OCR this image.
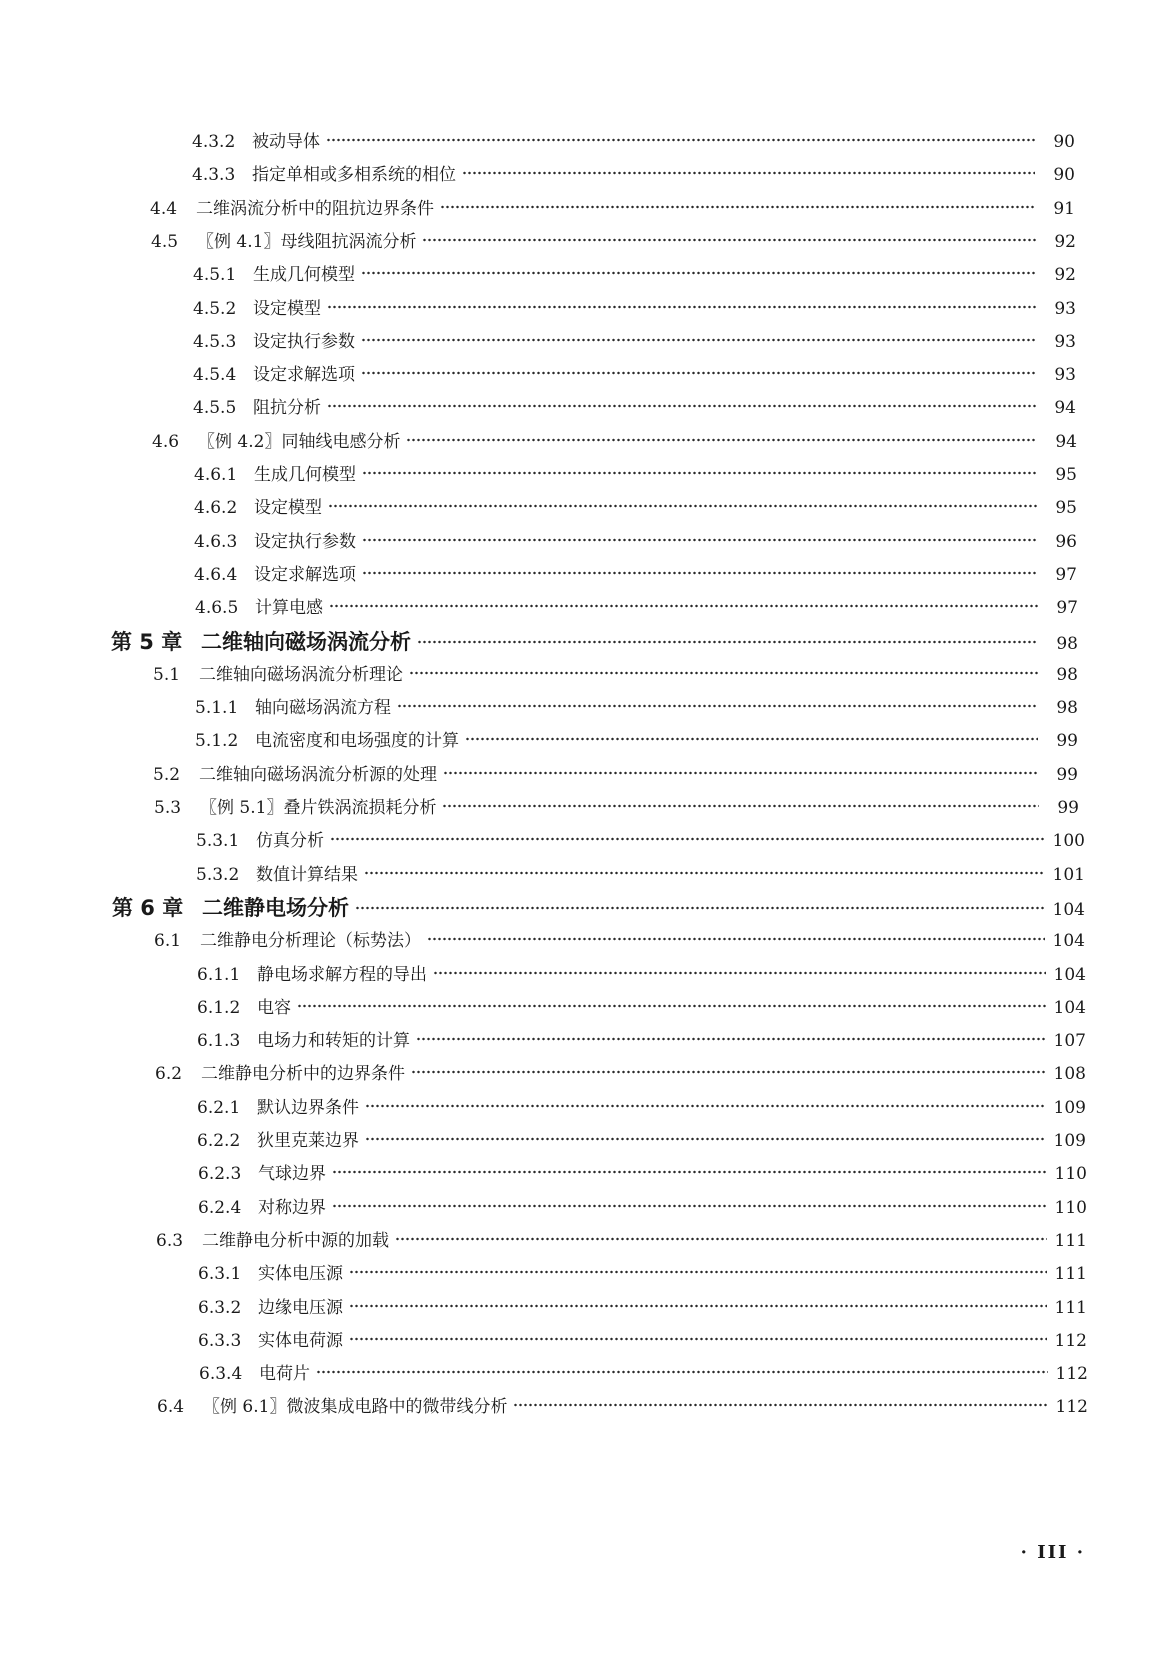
4.3.2 被动导体	90
4.3.3 指定单相或多相系统的相位	90
4.4	二维涡流分析中的阻抗边界条件	91
4.5	〖例 4.1〗母线阻抗涡流分析	92
4.5.1 生成几何模型	92
4.5.2 设定模型	93
4.5.3 设定执行参数	93
4.5.4 设定求解选项	93
4.5.5 阻抗分析	94
4.6	〖例 4.2〗同轴线电感分析	94
4.6.1 生成几何模型	95
4.6.2 设定模型	95
4.6.3 设定执行参数	96
4.6.4 设定求解选项	97
4.6.5 计算电感	97
第 5 章 二维轴向磁场涡流分析	98
5.1	二维轴向磁场涡流分析理论	98
5.1.1 轴向磁场涡流方程	98
5.1.2 电流密度和电场强度的计算	99
5.2	二维轴向磁场涡流分析源的处理	99
5.3	〖例 5.1〗叠片铁涡流损耗分析	99
5.3.1 仿真分析	100
5.3.2 数值计算结果	101
第 6 章 二维静电场分析	104
6.1	二维静电分析理论（标势法）	104
6.1.1 静电场求解方程的导出	104
6.1.2 电容	104
6.1.3 电场力和转矩的计算	107
6.2	二维静电分析中的边界条件	108
6.2.1 默认边界条件	109
6.2.2 狄里克莱边界	109
6.2.3 气球边界	110
6.2.4 对称边界	110
6.3	二维静电分析中源的加载	111
6.3.1 实体电压源	111
6.3.2 边缘电压源	111
6.3.3 实体电荷源	112
6.3.4 电荷片	112
6.4	〖例 6.1〗微波集成电路中的微带线分析	112
· III ·
